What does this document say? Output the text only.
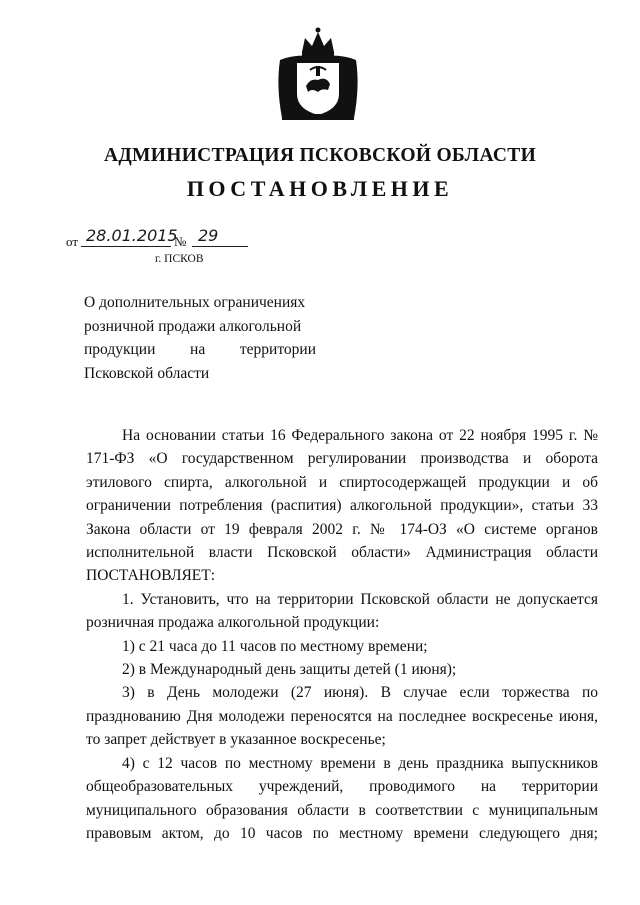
АДМИНИСТРАЦИЯ ПСКОВСКОЙ ОБЛАСТИ
ПОСТАНОВЛЕНИЕ
от 28.01.2015
№ 29
г. ПСКОВ
О дополнительных ограничениях
розничной продажи алкогольной
продукции на территории
Псковской области

На основании статьи 16 Федерального закона от 22 ноября 1995 г. № 171-ФЗ «О государственном регулировании производства и оборота этилового спирта, алкогольной и спиртосодержащей продукции и об ограничении потребления (распития) алкогольной продукции», статьи 33 Закона области от 19 февраля 2002 г. № 174-ОЗ «О системе органов исполнительной власти Псковской области» Администрация области ПОСТАНОВЛЯЕТ:

1. Установить, что на территории Псковской области не допускается розничная продажа алкогольной продукции:

1) с 21 часа до 11 часов по местному времени;

2) в Международный день защиты детей (1 июня);

3) в День молодежи (27 июня). В случае если торжества по празднованию Дня молодежи переносятся на последнее воскресенье июня, то запрет действует в указанное воскресенье;

4) с 12 часов по местному времени в день праздника выпускников общеобразовательных учреждений, проводимого на территории муниципального образования области в соответствии с муниципальным правовым актом, до 10 часов по местному времени следующего дня;
